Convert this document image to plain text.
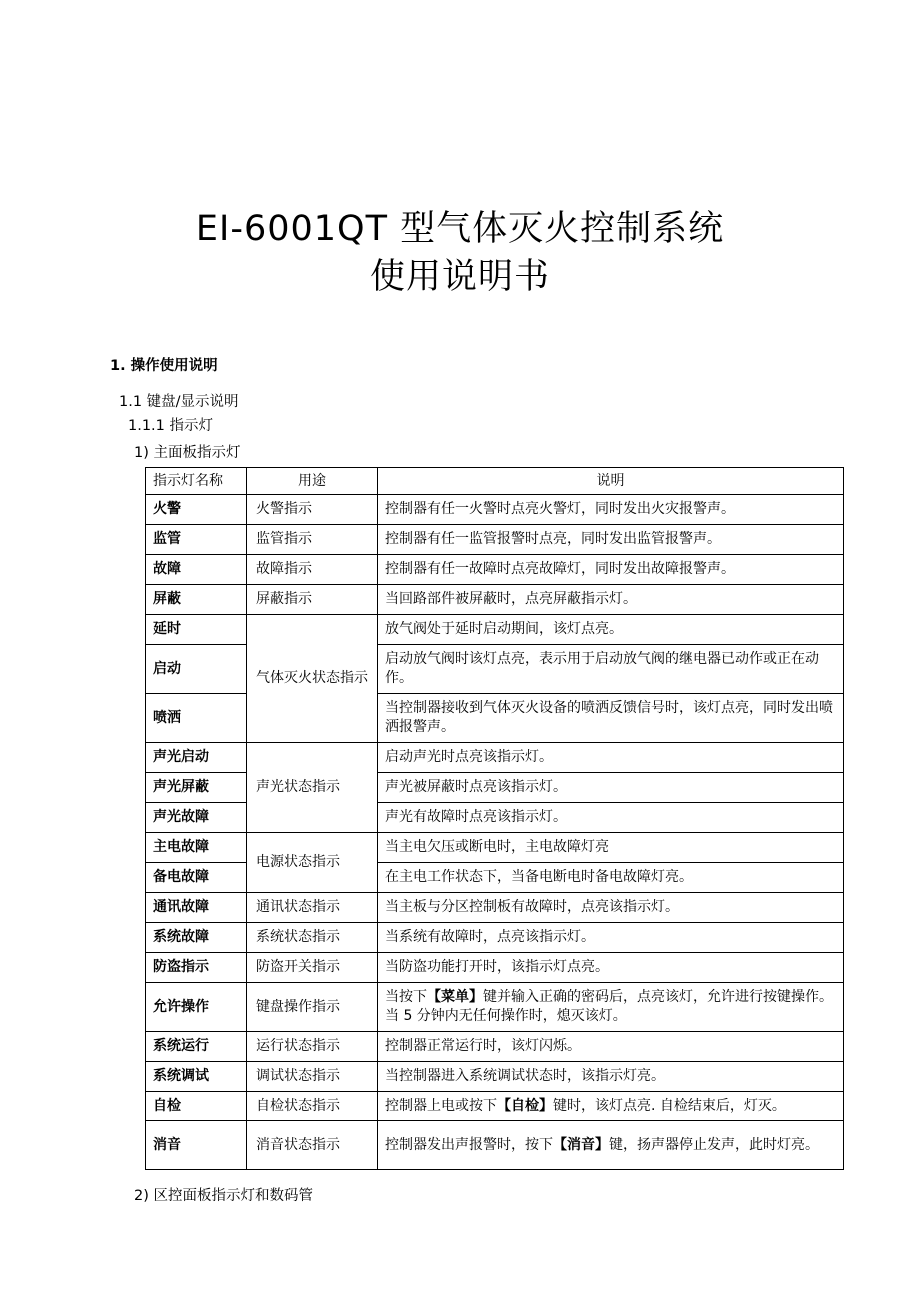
EI-6001QT 型气体灭火控制系统
使用说明书
1. 操作使用说明
1.1 键盘/显示说明
1.1.1 指示灯
1) 主面板指示灯
指示灯名称	用途	说明
火警	火警指示	控制器有任一火警时点亮火警灯，同时发出火灾报警声。
监管	监管指示	控制器有任一监管报警时点亮，同时发出监管报警声。
故障	故障指示	控制器有任一故障时点亮故障灯，同时发出故障报警声。
屏蔽	屏蔽指示	当回路部件被屏蔽时，点亮屏蔽指示灯。
延时	气体灭火状态指示	放气阀处于延时启动期间，该灯点亮。
启动		启动放气阀时该灯点亮，表示用于启动放气阀的继电器已动作或正在动作。
喷洒		当控制器接收到气体灭火设备的喷洒反馈信号时，该灯点亮，同时发出喷洒报警声。
声光启动	声光状态指示	启动声光时点亮该指示灯。
声光屏蔽		声光被屏蔽时点亮该指示灯。
声光故障		声光有故障时点亮该指示灯。
主电故障	电源状态指示	当主电欠压或断电时，主电故障灯亮
备电故障		在主电工作状态下，当备电断电时备电故障灯亮。
通讯故障	通讯状态指示	当主板与分区控制板有故障时，点亮该指示灯。
系统故障	系统状态指示	当系统有故障时，点亮该指示灯。
防盗指示	防盗开关指示	当防盗功能打开时，该指示灯点亮。
允许操作	键盘操作指示	当按下【菜单】键并输入正确的密码后，点亮该灯，允许进行按键操作。当 5 分钟内无任何操作时，熄灭该灯。
系统运行	运行状态指示	控制器正常运行时，该灯闪烁。
系统调试	调试状态指示	当控制器进入系统调试状态时，该指示灯亮。
自检	自检状态指示	控制器上电或按下【自检】键时，该灯点亮. 自检结束后，灯灭。
消音	消音状态指示	控制器发出声报警时，按下【消音】键，扬声器停止发声，此时灯亮。
2) 区控面板指示灯和数码管
